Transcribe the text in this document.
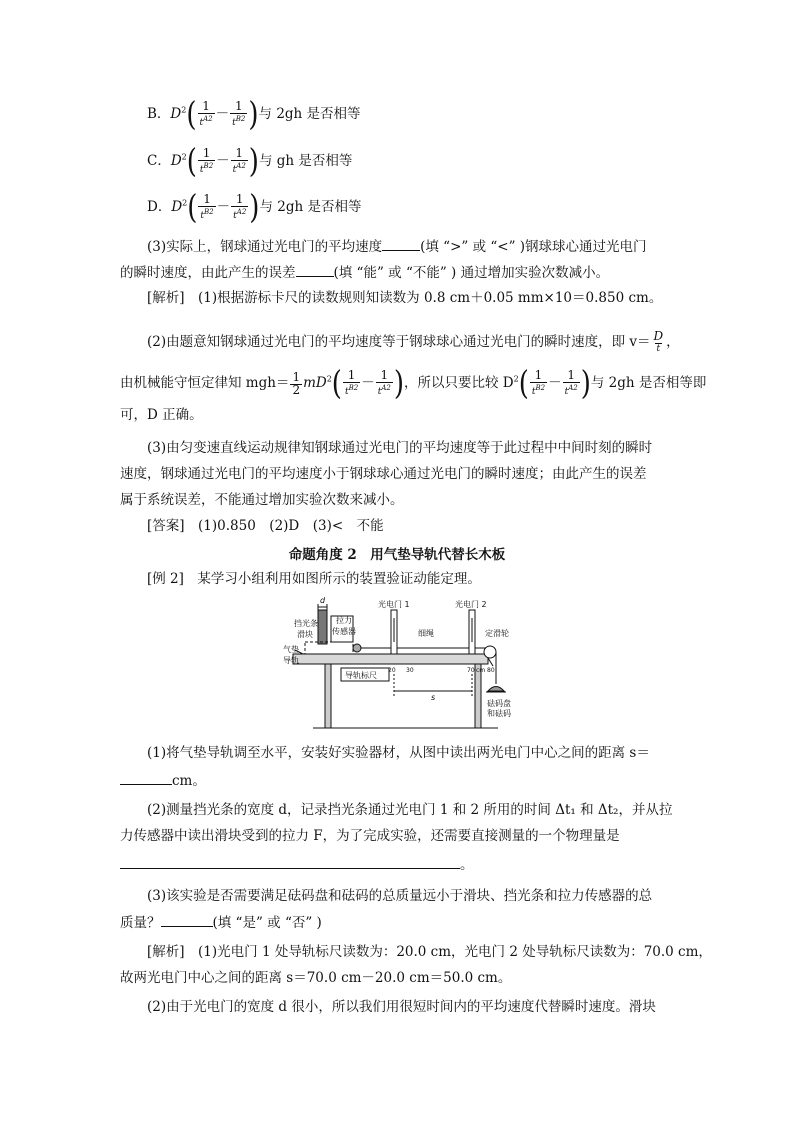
B．$D^2( \frac{1}{t^{A2}} - \frac{1}{t^{B2}}$ )与 2gh 是否相等
C．$D^2( \frac{1}{t^{B2}} - \frac{1}{t^{A2}}$ )与 gh 是否相等
D．$D^2( \frac{1}{t^{B2}} - \frac{1}{t^{A2}}$ )与 2gh 是否相等
(3)实际上，钢球通过光电门的平均速度	(填 “>” 或 “<” )钢球球心通过光电门
的瞬时速度，由此产生的误差	(填 “能” 或 “不能” ) 通过增加实验次数减小。
[解析]　(1)根据游标卡尺的读数规则知读数为 0.8 cm＋0.05 mm×10＝0.850 cm。
(2)由题意知钢球通过光电门的平均速度等于钢球球心通过光电门的瞬时速度，即 $v= \frac{D}{t}$ ，
由机械能守恒定律知 $mgh= \frac{1}{2} mD^2( \frac{1}{t^{B2}} - \frac{1}{t^{A2}}$ )，所以只要比较 $D^2( \frac{1}{t^{B2}} - \frac{1}{t^{A2}}$ )与 2gh 是否相等即
可，D 正确。
(3)由匀变速直线运动规律知钢球通过光电门的平均速度等于此过程中中间时刻的瞬时
速度，钢球通过光电门的平均速度小于钢球球心通过光电门的瞬时速度；由此产生的误差
属于系统误差，不能通过增加实验次数来减小。
[答案]　(1)0.850　(2)D　(3)<　不能
命题角度 2　用气垫导轨代替长木板
[例 2]　某学习小组利用如图所示的装置验证动能定理。
d	光电门 1	光电门 2
拉 力
传感器
挡光条
滑块	细绳	定滑轮
气垫
导轨
导轨标尺
s
20 30	70 cm 80
砝码盘
和砝码
(1)将气垫导轨调至水平，安装好实验器材，从图中读出两光电门中心之间的距离 s＝
cm。
(2)测量挡光条的宽度 d，记录挡光条通过光电门 1 和 2 所用的时间 Δt₁ 和 Δt₂，并从拉
力传感器中读出滑块受到的拉力 F，为了完成实验，还需要直接测量的一个物理量是
。
(3)该实验是否需要满足砝码盘和砝码的总质量远小于滑块、挡光条和拉力传感器的总
质量？	(填 “是” 或 “否” )
[解析]　(1)光电门 1 处导轨标尺读数为：20.0 cm，光电门 2 处导轨标尺读数为：70.0 cm，
故两光电门中心之间的距离 s＝70.0 cm－20.0 cm＝50.0 cm。
(2)由于光电门的宽度 d 很小，所以我们用很短时间内的平均速度代替瞬时速度。滑块
